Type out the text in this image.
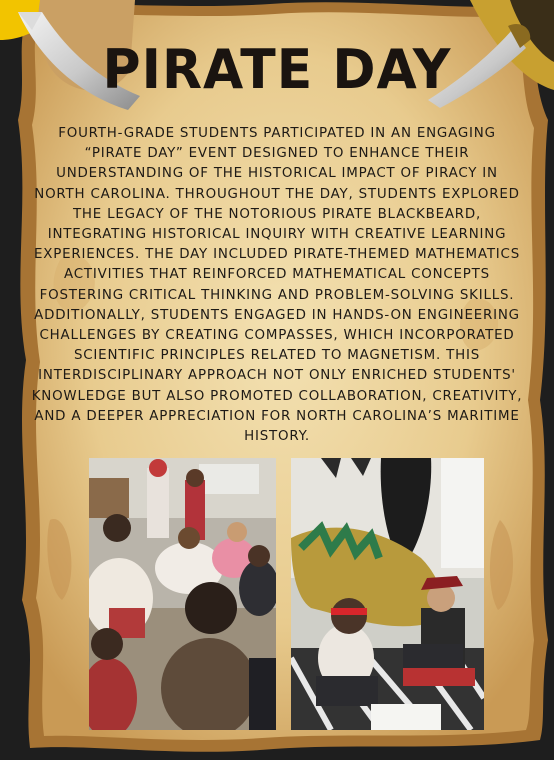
PIRATE DAY

FOURTH-GRADE STUDENTS PARTICIPATED IN AN ENGAGING “PIRATE DAY” EVENT DESIGNED TO ENHANCE THEIR UNDERSTANDING OF THE HISTORICAL IMPACT OF PIRACY IN NORTH CAROLINA. THROUGHOUT THE DAY, STUDENTS EXPLORED THE LEGACY OF THE NOTORIOUS PIRATE BLACKBEARD, INTEGRATING HISTORICAL INQUIRY WITH CREATIVE LEARNING EXPERIENCES. THE DAY INCLUDED PIRATE-THEMED MATHEMATICS ACTIVITIES THAT REINFORCED MATHEMATICAL CONCEPTS FOSTERING CRITICAL THINKING AND PROBLEM-SOLVING SKILLS. ADDITIONALLY, STUDENTS ENGAGED IN HANDS-ON ENGINEERING CHALLENGES BY CREATING COMPASSES, WHICH INCORPORATED SCIENTIFIC PRINCIPLES RELATED TO MAGNETISM. THIS INTERDISCIPLINARY APPROACH NOT ONLY ENRICHED STUDENTS' KNOWLEDGE BUT ALSO PROMOTED COLLABORATION, CREATIVITY, AND A DEEPER APPRECIATION FOR NORTH CAROLINA’S MARITIME HISTORY.
